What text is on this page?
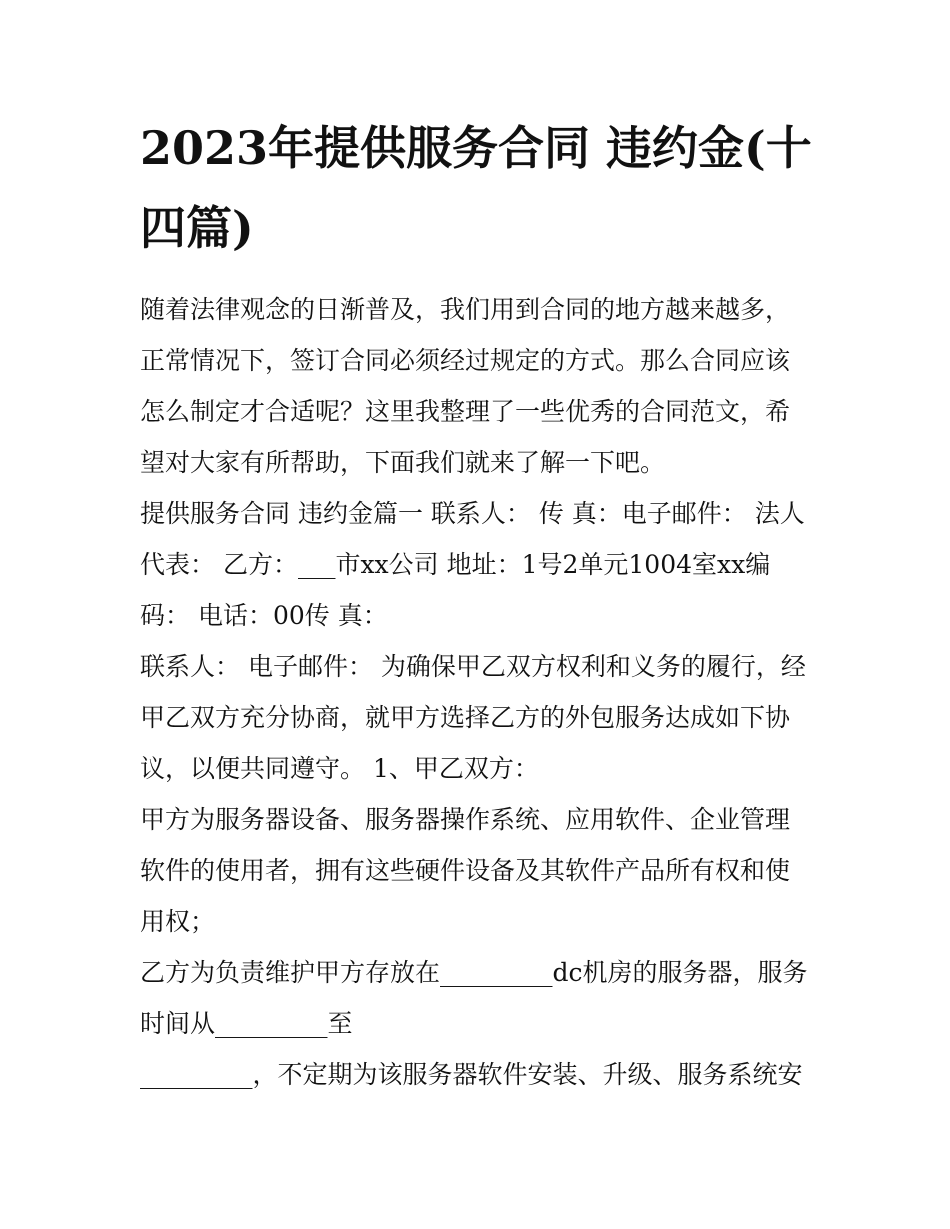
2023年提供服务合同 违约金(十四篇)

随着法律观念的日渐普及，我们用到合同的地方越来越多，正常情况下，签订合同必须经过规定的方式。那么合同应该怎么制定才合适呢？这里我整理了一些优秀的合同范文，希望对大家有所帮助，下面我们就来了解一下吧。

提供服务合同 违约金篇一 联系人： 传 真：电子邮件： 法人代表： 乙方：___市xx公司 地址：1号2单元1004室xx编码： 电话：00传 真：

联系人： 电子邮件： 为确保甲乙双方权利和义务的履行，经甲乙双方充分协商，就甲方选择乙方的外包服务达成如下协议，以便共同遵守。 1、甲乙双方：

甲方为服务器设备、服务器操作系统、应用软件、企业管理软件的使用者，拥有这些硬件设备及其软件产品所有权和使用权；

乙方为负责维护甲方存放在_________dc机房的服务器，服务时间从_________至

_________，不定期为该服务器软件安装、升级、服务系统安
